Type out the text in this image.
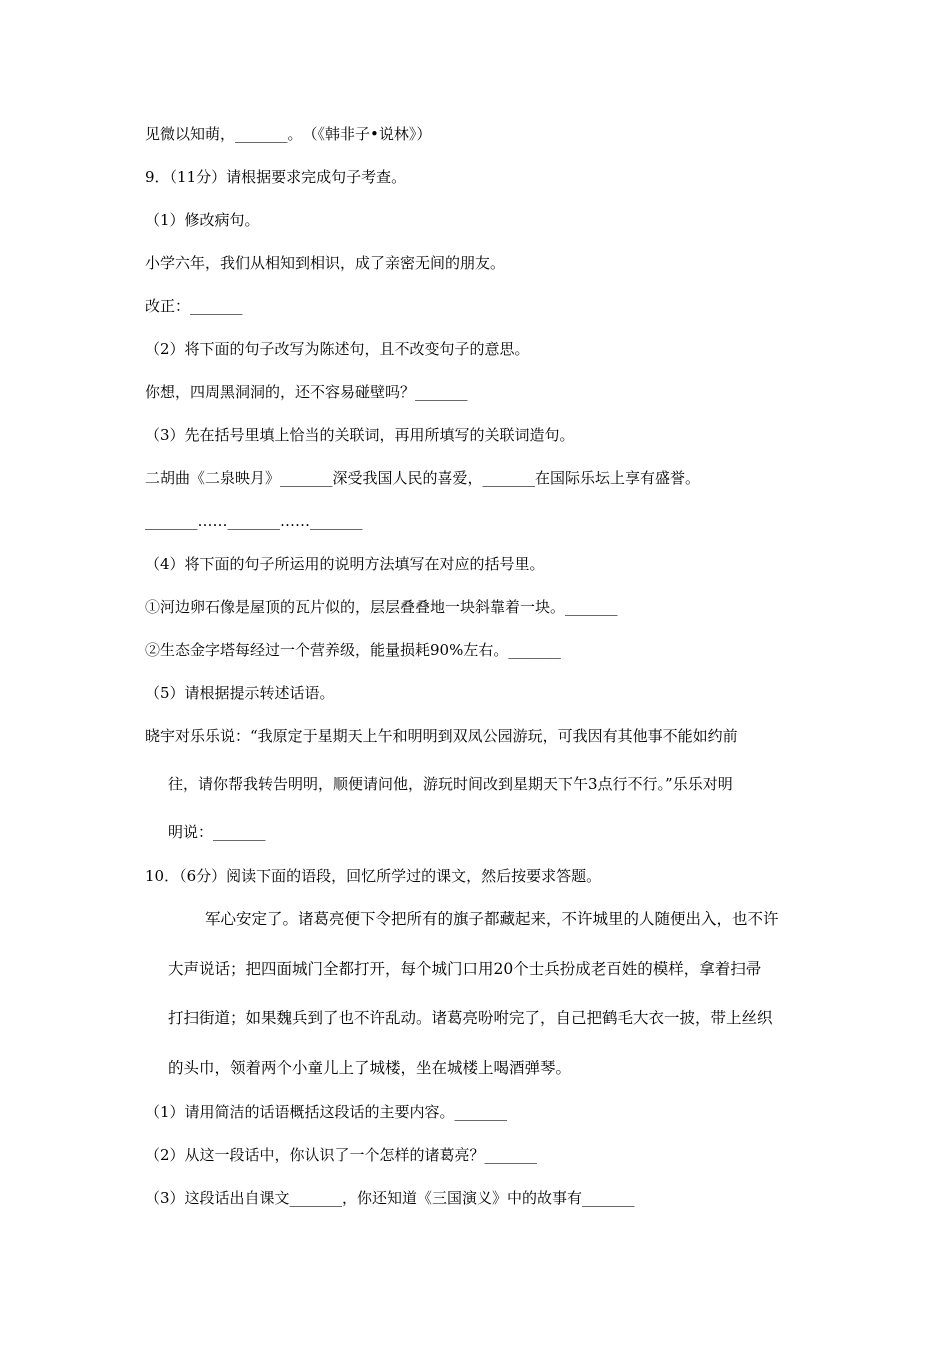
见微以知萌，_______。　（《韩非子•说林》）
9．（11分）请根据要求完成句子考查。
（1）修改病句。
小学六年，我们从相知到相识，成了亲密无间的朋友。
改正：_______
（2）将下面的句子改写为陈述句，且不改变句子的意思。
你想，四周黑洞洞的，还不容易碰壁吗？_______
（3）先在括号里填上恰当的关联词，再用所填写的关联词造句。
二胡曲《二泉映月》_______深受我国人民的喜爱，_______在国际乐坛上享有盛誉。
_______……_______……_______
（4）将下面的句子所运用的说明方法填写在对应的括号里。
①河边卵石像是屋顶的瓦片似的，层层叠叠地一块斜靠着一块。_______
②生态金字塔每经过一个营养级，能量损耗90%左右。_______
（5）请根据提示转述话语。
晓宇对乐乐说：“我原定于星期天上午和明明到双凤公园游玩，可我因有其他事不能如约前
往，请你帮我转告明明，顺便请问他，游玩时间改到星期天下午3点行不行。”乐乐对明
明说：_______
10．（6分）阅读下面的语段，回忆所学过的课文，然后按要求答题。
军心安定了。诸葛亮便下令把所有的旗子都藏起来，不许城里的人随便出入，也不许
大声说话；把四面城门全都打开，每个城门口用20个士兵扮成老百姓的模样，拿着扫帚
打扫街道；如果魏兵到了也不许乱动。诸葛亮吩咐完了，自己把鹤毛大衣一披，带上丝织
的头巾，领着两个小童儿上了城楼，坐在城楼上喝酒弹琴。
（1）请用简洁的话语概括这段话的主要内容。_______
（2）从这一段话中，你认识了一个怎样的诸葛亮？_______
（3）这段话出自课文_______，你还知道《三国演义》中的故事有_______
